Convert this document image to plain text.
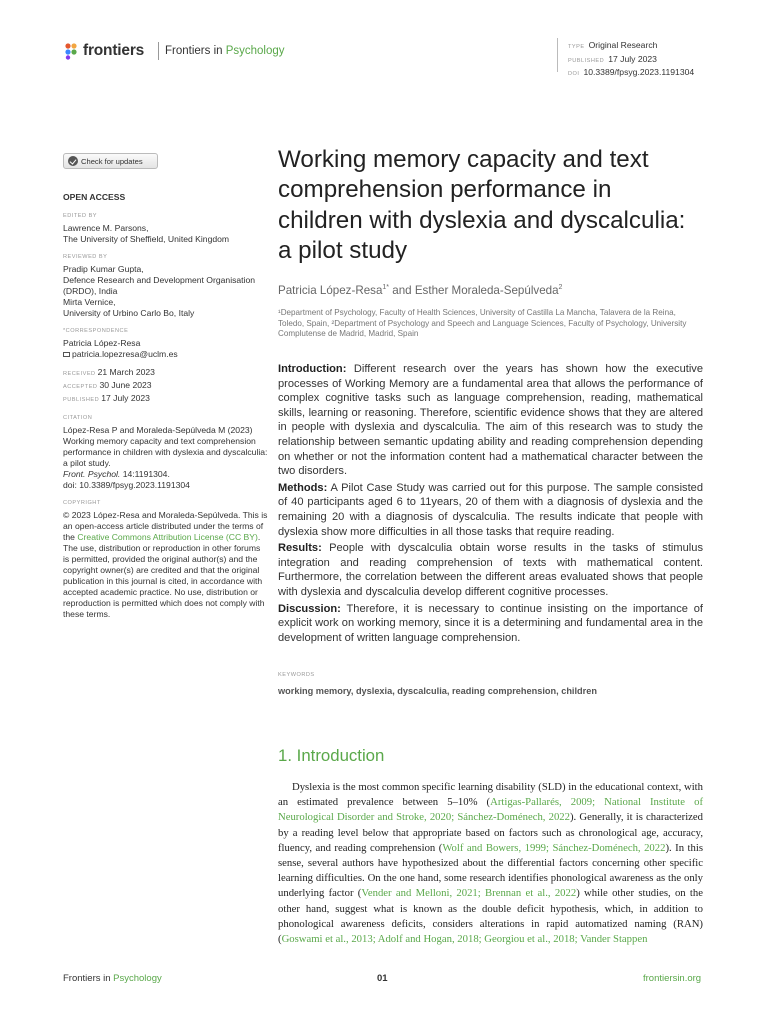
frontiers Frontiers in Psychology	TYPE Original Research
PUBLISHED 17 July 2023
DOI 10.3389/fpsyg.2023.1191304
Check for updates
OPEN ACCESS
EDITED BY
Lawrence M. Parsons,
The University of Sheffield, United Kingdom
REVIEWED BY
Pradip Kumar Gupta,
Defence Research and Development Organisation (DRDO), India
Mirta Vernice,
University of Urbino Carlo Bo, Italy
*CORRESPONDENCE
Patricia López-Resa
patricia.lopezresa@uclm.es
RECEIVED 21 March 2023
ACCEPTED 30 June 2023
PUBLISHED 17 July 2023
CITATION
López-Resa P and Moraleda-Sepúlveda M (2023) Working memory capacity and text comprehension performance in children with dyslexia and dyscalculia: a pilot study.
Front. Psychol. 14:1191304.
doi: 10.3389/fpsyg.2023.1191304
COPYRIGHT
© 2023 López-Resa and Moraleda-Sepúlveda. This is an open-access article distributed under the terms of the Creative Commons Attribution License (CC BY). The use, distribution or reproduction in other forums is permitted, provided the original author(s) and the copyright owner(s) are credited and that the original publication in this journal is cited, in accordance with accepted academic practice. No use, distribution or reproduction is permitted which does not comply with these terms.
Working memory capacity and text comprehension performance in children with dyslexia and dyscalculia: a pilot study
Patricia López-Resa$^{1*}$ and Esther Moraleda-Sepúlveda$^2$
¹Department of Psychology, Faculty of Health Sciences, University of Castilla La Mancha, Talavera de la Reina, Toledo, Spain, ²Department of Psychology and Speech and Language Sciences, Faculty of Psychology, University Complutense de Madrid, Madrid, Spain

Introduction: Different research over the years has shown how the executive processes of Working Memory are a fundamental area that allows the performance of complex cognitive tasks such as language comprehension, reading, mathematical skills, learning or reasoning. Therefore, scientific evidence shows that they are altered in people with dyslexia and dyscalculia. The aim of this research was to study the relationship between semantic updating ability and reading comprehension depending on whether or not the information content had a mathematical character between the two disorders.

Methods: A Pilot Case Study was carried out for this purpose. The sample consisted of 40 participants aged 6 to 11years, 20 of them with a diagnosis of dyslexia and the remaining 20 with a diagnosis of dyscalculia. The results indicate that people with dyslexia show more difficulties in all those tasks that require reading.

Results: People with dyscalculia obtain worse results in the tasks of stimulus integration and reading comprehension of texts with mathematical content. Furthermore, the correlation between the different areas evaluated shows that people with dyslexia and dyscalculia develop different cognitive processes.

Discussion: Therefore, it is necessary to continue insisting on the importance of explicit work on working memory, since it is a determining and fundamental area in the development of written language comprehension.

KEYWORDS
working memory, dyslexia, dyscalculia, reading comprehension, children
1. Introduction
Dyslexia is the most common specific learning disability (SLD) in the educational context, with an estimated prevalence between 5–10% (Artigas-Pallarés, 2009; National Institute of Neurological Disorder and Stroke, 2020; Sánchez-Doménech, 2022). Generally, it is characterized by a reading level below that appropriate based on factors such as chronological age, accuracy, fluency, and reading comprehension (Wolf and Bowers, 1999; Sánchez-Doménech, 2022). In this sense, several authors have hypothesized about the differential factors concerning other specific learning difficulties. On the one hand, some research identifies phonological awareness as the only underlying factor (Vender and Melloni, 2021; Brennan et al., 2022) while other studies, on the other hand, suggest what is known as the double deficit hypothesis, which, in addition to phonological awareness deficits, considers alterations in rapid automatized naming (RAN) (Goswami et al., 2013; Adolf and Hogan, 2018; Georgiou et al., 2018; Vander Stappen
Frontiers in Psychology	01	frontiersin.org
